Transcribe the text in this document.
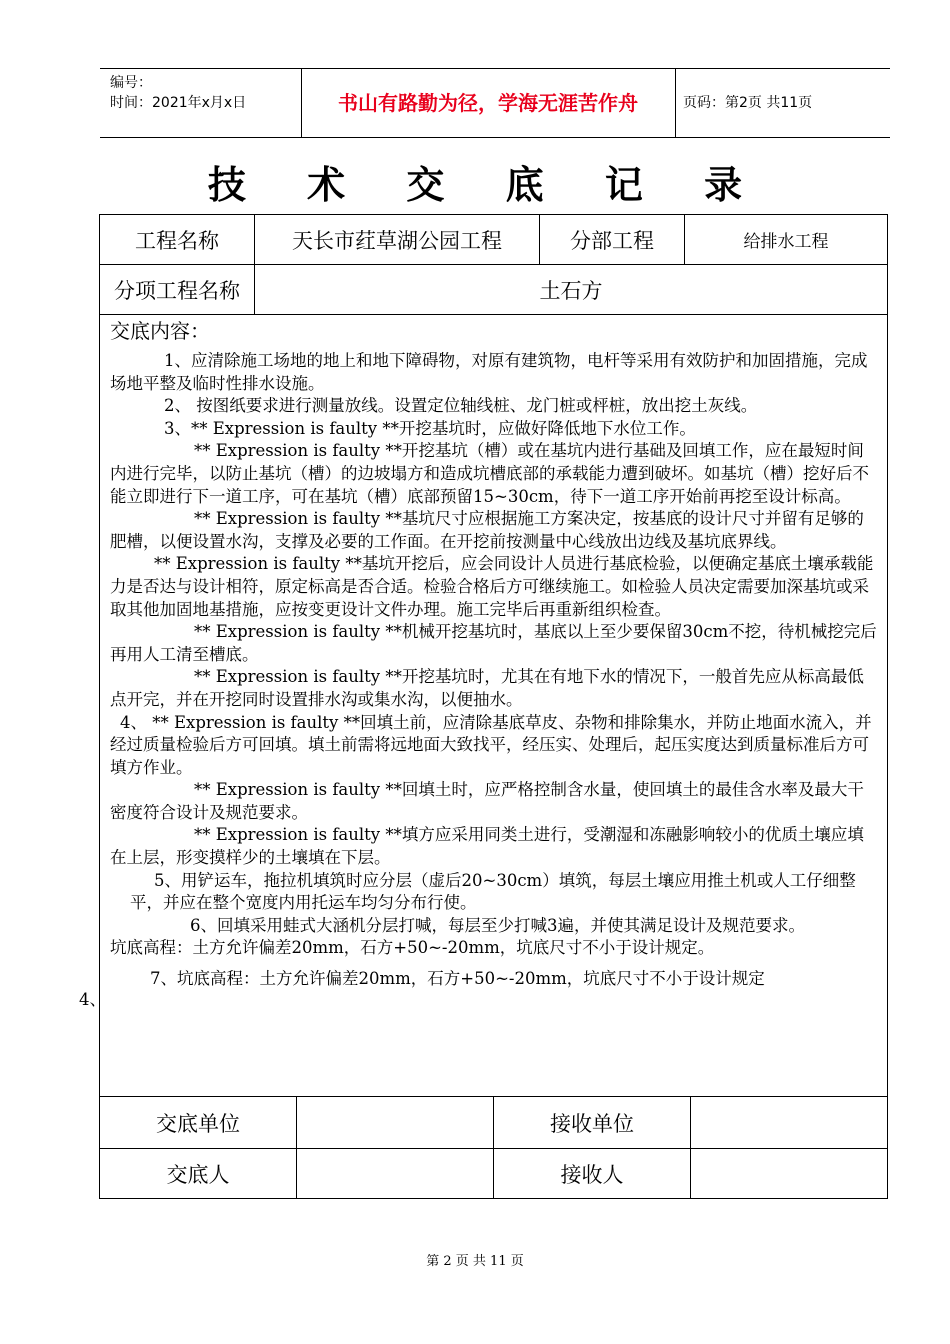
编号：
时间：2021年x月x日	书山有路勤为径，学海无涯苦作舟	页码：第2页 共11页
技 术 交 底 记 录
工程名称	天长市荭草湖公园工程	分部工程	给排水工程
分项工程名称	土石方

交底内容：

1、应清除施工场地的地上和地下障碍物，对原有建筑物，电杆等采用有效防护和加固措施，完成场地平整及临时性排水设施。

2、 按图纸要求进行测量放线。设置定位轴线桩、龙门桩或枰桩，放出挖土灰线。

3、** Expression is faulty **开挖基坑时，应做好降低地下水位工作。

** Expression is faulty **开挖基坑（槽）或在基坑内进行基础及回填工作，应在最短时间内进行完毕，以防止基坑（槽）的边坡塌方和造成坑槽底部的承载能力遭到破坏。如基坑（槽）挖好后不能立即进行下一道工序，可在基坑（槽）底部预留15~30cm，待下一道工序开始前再挖至设计标高。

** Expression is faulty **基坑尺寸应根据施工方案决定，按基底的设计尺寸并留有足够的肥槽，以便设置水沟，支撑及必要的工作面。在开挖前按测量中心线放出边线及基坑底界线。

** Expression is faulty **基坑开挖后，应会同设计人员进行基底检验，以便确定基底土壤承载能力是否达与设计相符，原定标高是否合适。检验合格后方可继续施工。如检验人员决定需要加深基坑或采取其他加固地基措施，应按变更设计文件办理。施工完毕后再重新组织检查。

** Expression is faulty **机械开挖基坑时，基底以上至少要保留30cm不挖，待机械挖完后再用人工清至槽底。

** Expression is faulty **开挖基坑时，尤其在有地下水的情况下，一般首先应从标高最低点开完，并在开挖同时设置排水沟或集水沟，以便抽水。

4、 ** Expression is faulty **回填土前，应清除基底草皮、杂物和排除集水，并防止地面水流入，并经过质量检验后方可回填。填土前需将远地面大致找平，经压实、处理后，起压实度达到质量标准后方可填方作业。

** Expression is faulty **回填土时，应严格控制含水量，使回填土的最佳含水率及最大干密度符合设计及规范要求。

** Expression is faulty **填方应采用同类土进行，受潮湿和冻融影响较小的优质土壤应填在上层，形变摸样少的土壤填在下层。

5、用铲运车，拖拉机填筑时应分层（虚后20~30cm）填筑，每层土壤应用推土机或人工仔细整平，并应在整个宽度内用托运车均匀分布行使。

6、回填采用蛙式大涵机分层打喊，每层至少打喊3遍，并使其满足设计及规范要求。

坑底高程：土方允许偏差20mm，石方+50~-20mm，坑底尺寸不小于设计规定。

7、坑底高程：土方允许偏差20mm，石方+50~-20mm，坑底尺寸不小于设计规定

4、
交底单位	接收单位
交底人	接收人
第 2 页 共 11 页
